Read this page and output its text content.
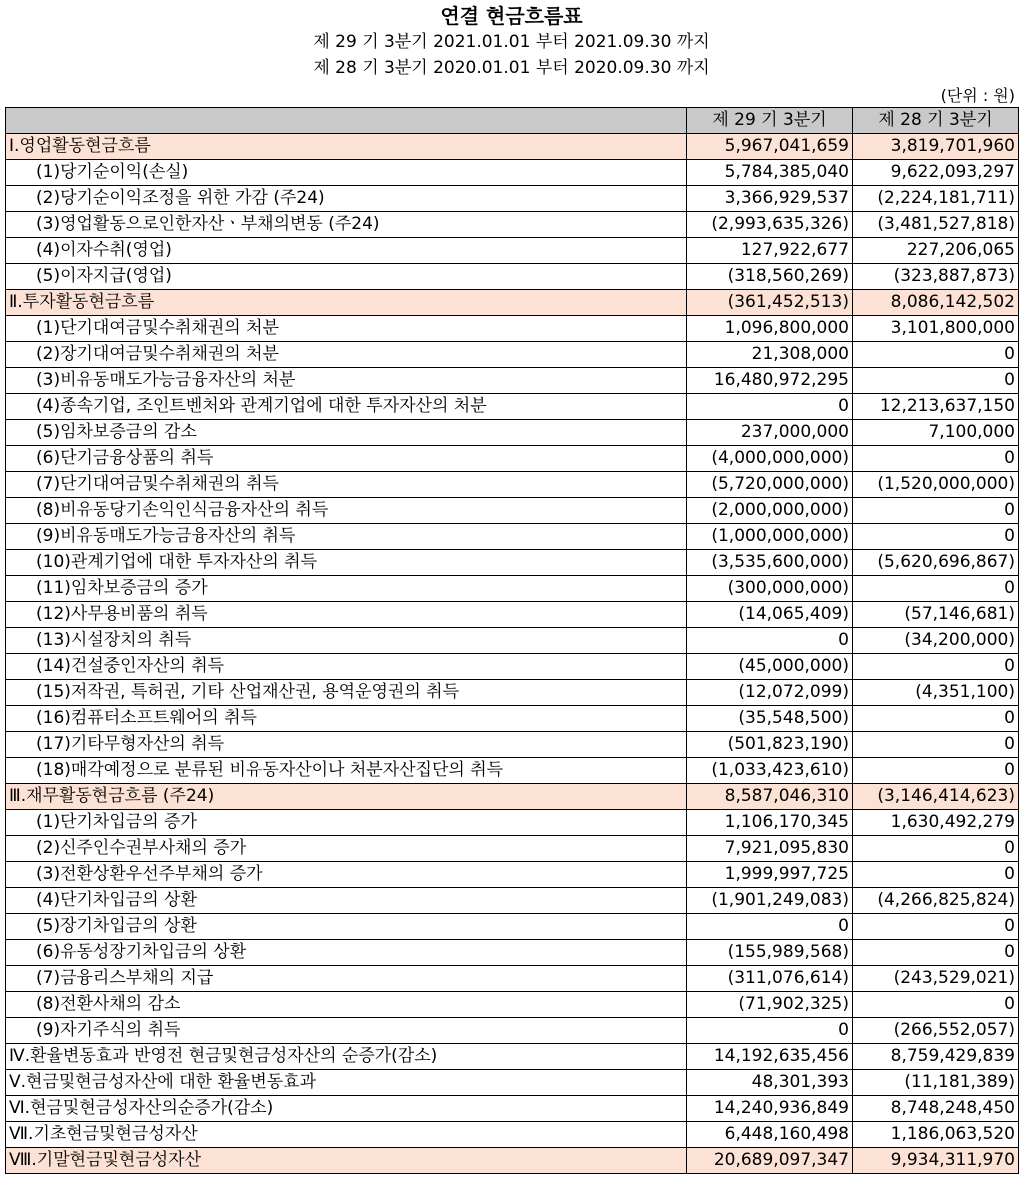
연결 현금흐름표
제 29 기 3분기 2021.01.01 부터 2021.09.30 까지
제 28 기 3분기 2020.01.01 부터 2020.09.30 까지
(단위 : 원)
	제 29 기 3분기	제 28 기 3분기
Ⅰ.영업활동현금흐름	5,967,041,659	3,819,701,960
(1)당기순이익(손실)	5,784,385,040	9,622,093,297
(2)당기순이익조정을 위한 가감 (주24)	3,366,929,537	(2,224,181,711)
(3)영업활동으로인한자산ㆍ부채의변동 (주24)	(2,993,635,326)	(3,481,527,818)
(4)이자수취(영업)	127,922,677	227,206,065
(5)이자지급(영업)	(318,560,269)	(323,887,873)
Ⅱ.투자활동현금흐름	(361,452,513)	8,086,142,502
(1)단기대여금및수취채권의 처분	1,096,800,000	3,101,800,000
(2)장기대여금및수취채권의 처분	21,308,000	0
(3)비유동매도가능금융자산의 처분	16,480,972,295	0
(4)종속기업, 조인트벤처와 관계기업에 대한 투자자산의 처분	0	12,213,637,150
(5)임차보증금의 감소	237,000,000	7,100,000
(6)단기금융상품의 취득	(4,000,000,000)	0
(7)단기대여금및수취채권의 취득	(5,720,000,000)	(1,520,000,000)
(8)비유동당기손익인식금융자산의 취득	(2,000,000,000)	0
(9)비유동매도가능금융자산의 취득	(1,000,000,000)	0
(10)관계기업에 대한 투자자산의 취득	(3,535,600,000)	(5,620,696,867)
(11)임차보증금의 증가	(300,000,000)	0
(12)사무용비품의 취득	(14,065,409)	(57,146,681)
(13)시설장치의 취득	0	(34,200,000)
(14)건설중인자산의 취득	(45,000,000)	0
(15)저작권, 특허권, 기타 산업재산권, 용역운영권의 취득	(12,072,099)	(4,351,100)
(16)컴퓨터소프트웨어의 취득	(35,548,500)	0
(17)기타무형자산의 취득	(501,823,190)	0
(18)매각예정으로 분류된 비유동자산이나 처분자산집단의 취득	(1,033,423,610)	0
Ⅲ.재무활동현금흐름 (주24)	8,587,046,310	(3,146,414,623)
(1)단기차입금의 증가	1,106,170,345	1,630,492,279
(2)신주인수권부사채의 증가	7,921,095,830	0
(3)전환상환우선주부채의 증가	1,999,997,725	0
(4)단기차입금의 상환	(1,901,249,083)	(4,266,825,824)
(5)장기차입금의 상환	0	0
(6)유동성장기차입금의 상환	(155,989,568)	0
(7)금융리스부채의 지급	(311,076,614)	(243,529,021)
(8)전환사채의 감소	(71,902,325)	0
(9)자기주식의 취득	0	(266,552,057)
Ⅳ.환율변동효과 반영전 현금및현금성자산의 순증가(감소)	14,192,635,456	8,759,429,839
Ⅴ.현금및현금성자산에 대한 환율변동효과	48,301,393	(11,181,389)
Ⅵ.현금및현금성자산의순증가(감소)	14,240,936,849	8,748,248,450
Ⅶ.기초현금및현금성자산	6,448,160,498	1,186,063,520
Ⅷ.기말현금및현금성자산	20,689,097,347	9,934,311,970
